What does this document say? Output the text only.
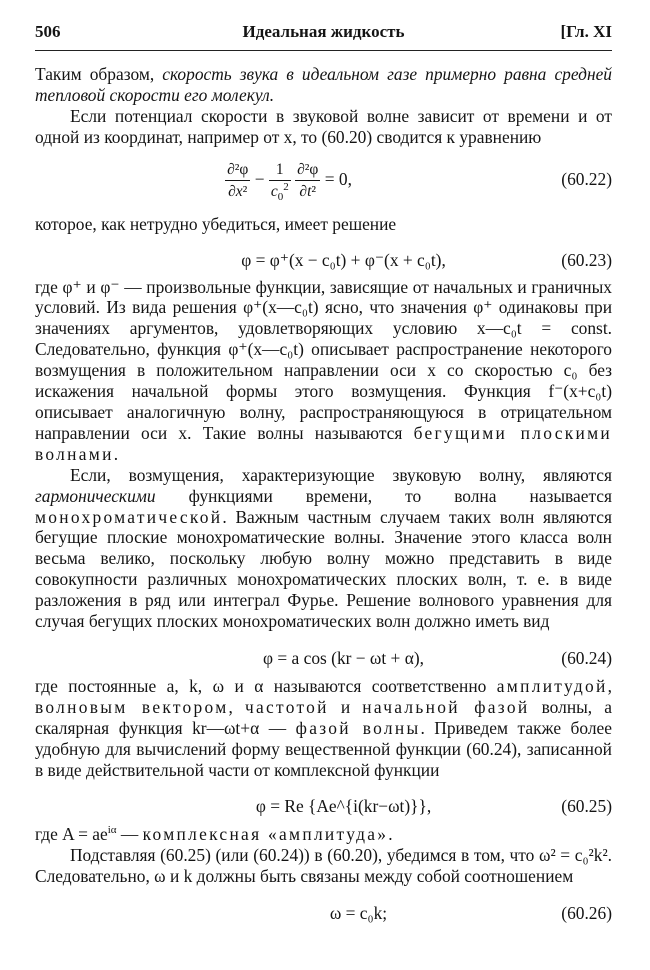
506	Идеальная жидкость	[Гл. XI

Таким образом, скорость звука в идеальном газе примерно равна средней тепловой скорости его молекул.

Если потенциал скорости в звуковой волне зависит от времени и от одной из координат, например от x, то (60.20) сводится к уравнению

$\frac{\text{∂²φ}}{\text{∂x²}} - \frac{1}{c_0^2}$
$\frac{\text{∂²φ}}{\text{∂t²}} = 0$,	(60.22)

которое, как нетрудно убедиться, имеет решение

φ = φ⁺(x − c₀t) + φ⁻(x + c₀t),	(60.23)

где φ⁺ и φ⁻ — произвольные функции, зависящие от начальных и граничных условий. Из вида решения φ⁺(x—c₀t) ясно, что значения φ⁺ одинаковы при значениях аргументов, удовлетворяющих условию x—c₀t = const. Следовательно, функция φ⁺(x—c₀t) описывает распространение некоторого возмущения в положительном направлении оси x со скоростью c₀ без искажения начальной формы этого возмущения. Функция f⁻(x+c₀t) описывает аналогичную волну, распространяющуюся в отрицательном направлении оси x. Такие волны называются бегущими плоскими волнами.

Если, возмущения, характеризующие звуковую волну, являются гармоническими функциями времени, то волна называется монохроматической. Важным частным случаем таких волн являются бегущие плоские монохроматические волны. Значение этого класса волн весьма велико, поскольку любую волну можно представить в виде совокупности различных монохроматических плоских волн, т. е. в виде разложения в ряд или интеграл Фурье. Решение волнового уравнения для случая бегущих плоских монохроматических волн должно иметь вид

φ = a cos (kr − ωt + α),	(60.24)

где постоянные a, k, ω и α называются соответственно амплитудой, волновым вектором, частотой и начальной фазой волны, а скалярная функция kr—ωt+α — фазой волны. Приведем также более удобную для вычислений форму вещественной функции (60.24), записанной в виде действительной части от комплексной функции

φ = Re {Ae^{i(kr−ωt)}},	(60.25)

где $A = ae^{i\alpha}$ — комплексная «амплитуда».

Подставляя (60.25) (или (60.24)) в (60.20), убедимся в том, что ω² = c₀²k². Следовательно, ω и k должны быть связаны между собой соотношением

ω = c₀k;	(60.26)
